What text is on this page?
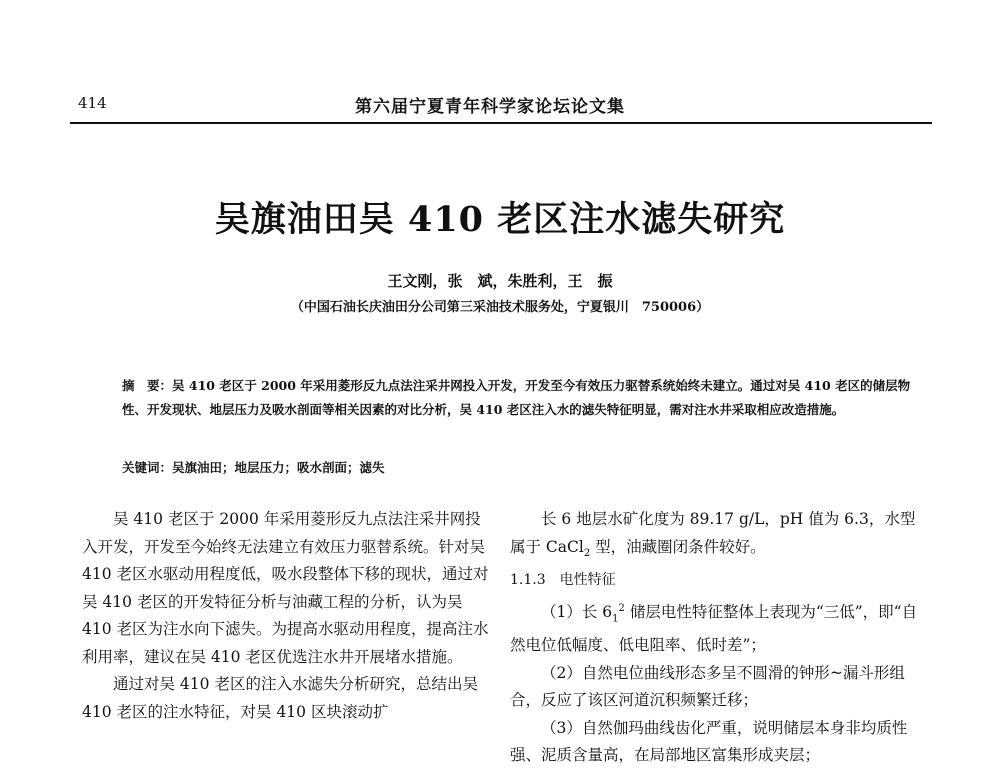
414	第六届宁夏青年科学家论坛论文集
吴旗油田吴 410 老区注水滤失研究
王文刚，张　斌，朱胜利，王　振
（中国石油长庆油田分公司第三采油技术服务处，宁夏银川　750006）
摘　要：吴 410 老区于 2000 年采用菱形反九点法注采井网投入开发，开发至今有效压力驱替系统始终未建立。通过对吴 410 老区的储层物性、开发现状、地层压力及吸水剖面等相关因素的对比分析，吴 410 老区注入水的滤失特征明显，需对注水井采取相应改造措施。
关键词：吴旗油田；地层压力；吸水剖面；滤失

吴 410 老区于 2000 年采用菱形反九点法注采井网投入开发，开发至今始终无法建立有效压力驱替系统。针对吴 410 老区水驱动用程度低，吸水段整体下移的现状，通过对吴 410 老区的开发特征分析与油藏工程的分析，认为吴 410 老区为注水向下滤失。为提高水驱动用程度，提高注水利用率，建议在吴 410 老区优选注水井开展堵水措施。

通过对吴 410 老区的注入水滤失分析研究，总结出吴 410 老区的注水特征，对吴 410 区块滚动扩

长 6 地层水矿化度为 89.17 g/L，pH 值为 6.3，水型属于 CaCl$_2$ 型，油藏圈闭条件较好。

1.1.3　电性特征

（1）长 $6_1^2$ 储层电性特征整体上表现为“三低”，即“自然电位低幅度、低电阻率、低时差”；

（2）自然电位曲线形态多呈不圆滑的钟形~漏斗形组合，反应了该区河道沉积频繁迁移；

（3）自然伽玛曲线齿化严重，说明储层本身非均质性强、泥质含量高，在局部地区富集形成夹层；
